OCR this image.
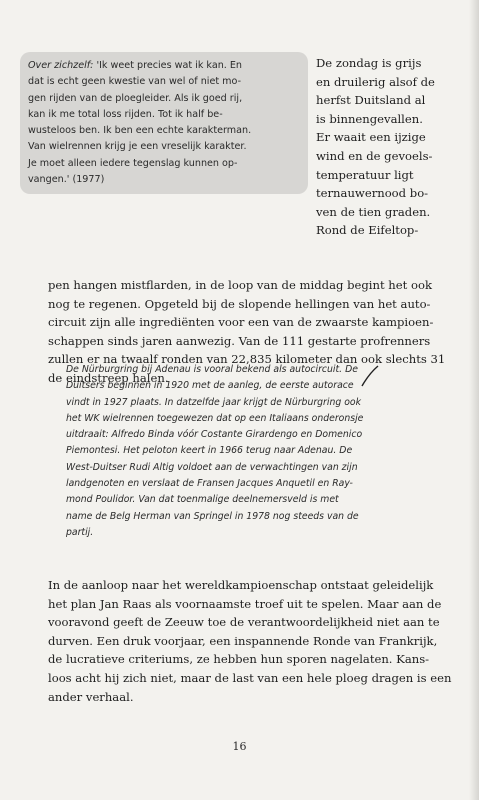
Over zichzelf: 'Ik weet precies wat ik kan. En
dat is echt geen kwestie van wel of niet mo-
gen rijden van de ploegleider. Als ik goed rij,
kan ik me total loss rijden. Tot ik half be-
wusteloos ben. Ik ben een echte karakterman.
Van wielrennen krijg je een vreselijk karakter.
Je moet alleen iedere tegenslag kunnen op-
vangen.' (1977)
De zondag is grijs
en druilerig alsof de
herfst Duitsland al
is binnengevallen.
Er waait een ijzige
wind en de gevoels-
temperatuur ligt
ternauwernood bo-
ven de tien graden.
Rond de Eifeltop-
pen hangen mistflarden, in de loop van de middag begint het ook
nog te regenen. Opgeteld bij de slopende hellingen van het auto-
circuit zijn alle ingrediënten voor een van de zwaarste kampioen-
schappen sinds jaren aanwezig. Van de 111 gestarte profrenners
zullen er na twaalf ronden van 22,835 kilometer dan ook slechts 31
de eindstreep halen.
De Nürburgring bij Adenau is vooral bekend als autocircuit. De
Duitsers beginnen in 1920 met de aanleg, de eerste autorace
vindt in 1927 plaats. In datzelfde jaar krijgt de Nürburgring ook
het WK wielrennen toegewezen dat op een Italiaans onderonsje
uitdraait: Alfredo Binda vóór Costante Girardengo en Domenico
Piemontesi. Het peloton keert in 1966 terug naar Adenau. De
West-Duitser Rudi Altig voldoet aan de verwachtingen van zijn
landgenoten en verslaat de Fransen Jacques Anquetil en Ray-
mond Poulidor. Van dat toenmalige deelnemersveld is met
name de Belg Herman van Springel in 1978 nog steeds van de
partij.
In de aanloop naar het wereldkampioenschap ontstaat geleidelijk
het plan Jan Raas als voornaamste troef uit te spelen. Maar aan de
vooravond geeft de Zeeuw toe de verantwoordelijkheid niet aan te
durven. Een druk voorjaar, een inspannende Ronde van Frankrijk,
de lucratieve criteriums, ze hebben hun sporen nagelaten. Kans-
loos acht hij zich niet, maar de last van een hele ploeg dragen is een
ander verhaal.
16
